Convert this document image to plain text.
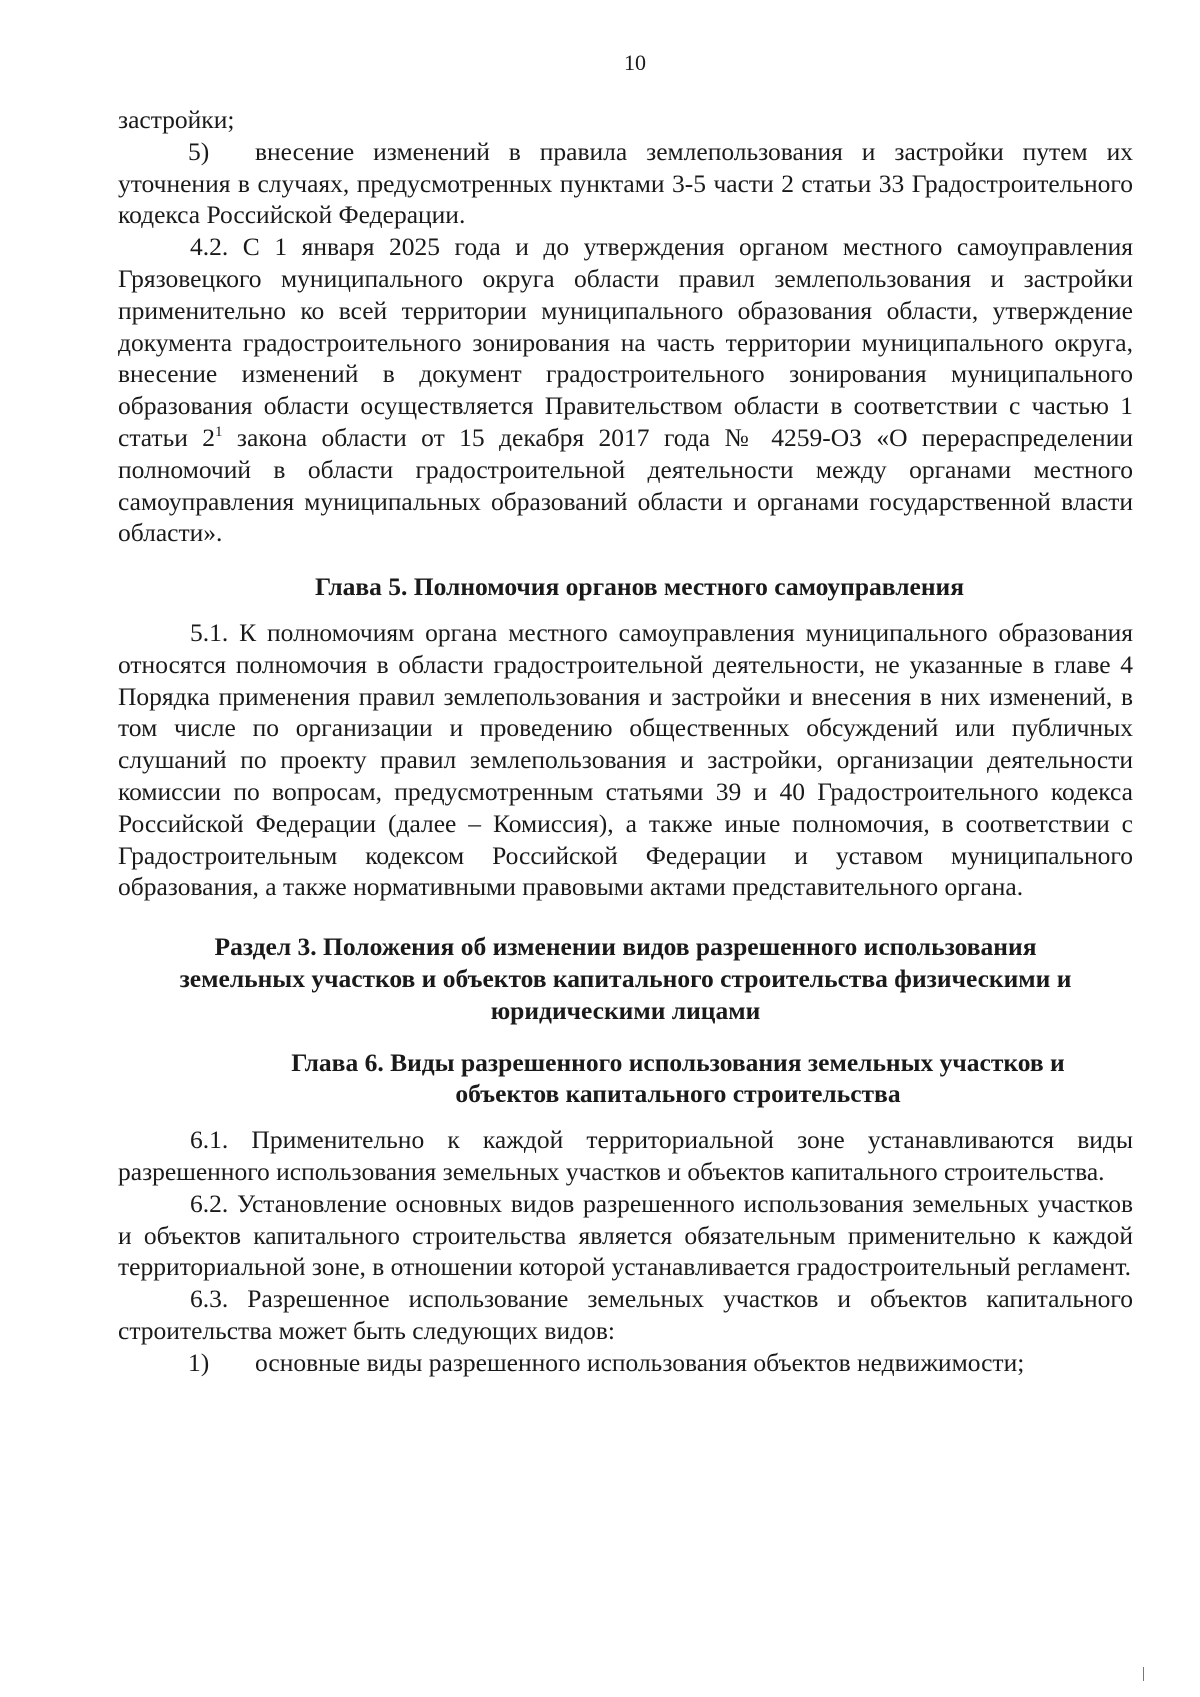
10

застройки;

5) внесение изменений в правила землепользования и застройки путем их уточнения в случаях, предусмотренных пунктами 3-5 части 2 статьи 33 Градостроительного кодекса Российской Федерации.

4.2. С 1 января 2025 года и до утверждения органом местного самоуправления Грязовецкого муниципального округа области правил землепользования и застройки применительно ко всей территории муниципального образования области, утверждение документа градостроительного зонирования на часть территории муниципального округа, внесение изменений в документ градостроительного зонирования муниципального образования области осуществляется Правительством области в соответствии с частью 1 статьи $2^1$ закона области от 15 декабря 2017 года № 4259-ОЗ «О перераспределении полномочий в области градостроительной деятельности между органами местного самоуправления муниципальных образований области и органами государственной власти области».

Глава 5. Полномочия органов местного самоуправления

5.1. К полномочиям органа местного самоуправления муниципального образования относятся полномочия в области градостроительной деятельности, не указанные в главе 4 Порядка применения правил землепользования и застройки и внесения в них изменений, в том числе по организации и проведению общественных обсуждений или публичных слушаний по проекту правил землепользования и застройки, организации деятельности комиссии по вопросам, предусмотренным статьями 39 и 40 Градостроительного кодекса Российской Федерации (далее – Комиссия), а также иные полномочия, в соответствии с Градостроительным кодексом Российской Федерации и уставом муниципального образования, а также нормативными правовыми актами представительного органа.

Раздел 3. Положения об изменении видов разрешенного использования
земельных участков и объектов капитального строительства физическими и
юридическими лицами
Глава 6. Виды разрешенного использования земельных участков и
объектов капитального строительства

6.1. Применительно к каждой территориальной зоне устанавливаются виды разрешенного использования земельных участков и объектов капитального строительства.

6.2. Установление основных видов разрешенного использования земельных участков и объектов капитального строительства является обязательным применительно к каждой территориальной зоне, в отношении которой устанавливается градостроительный регламент.

6.3. Разрешенное использование земельных участков и объектов капитального строительства может быть следующих видов:

1) основные виды разрешенного использования объектов недвижимости;
